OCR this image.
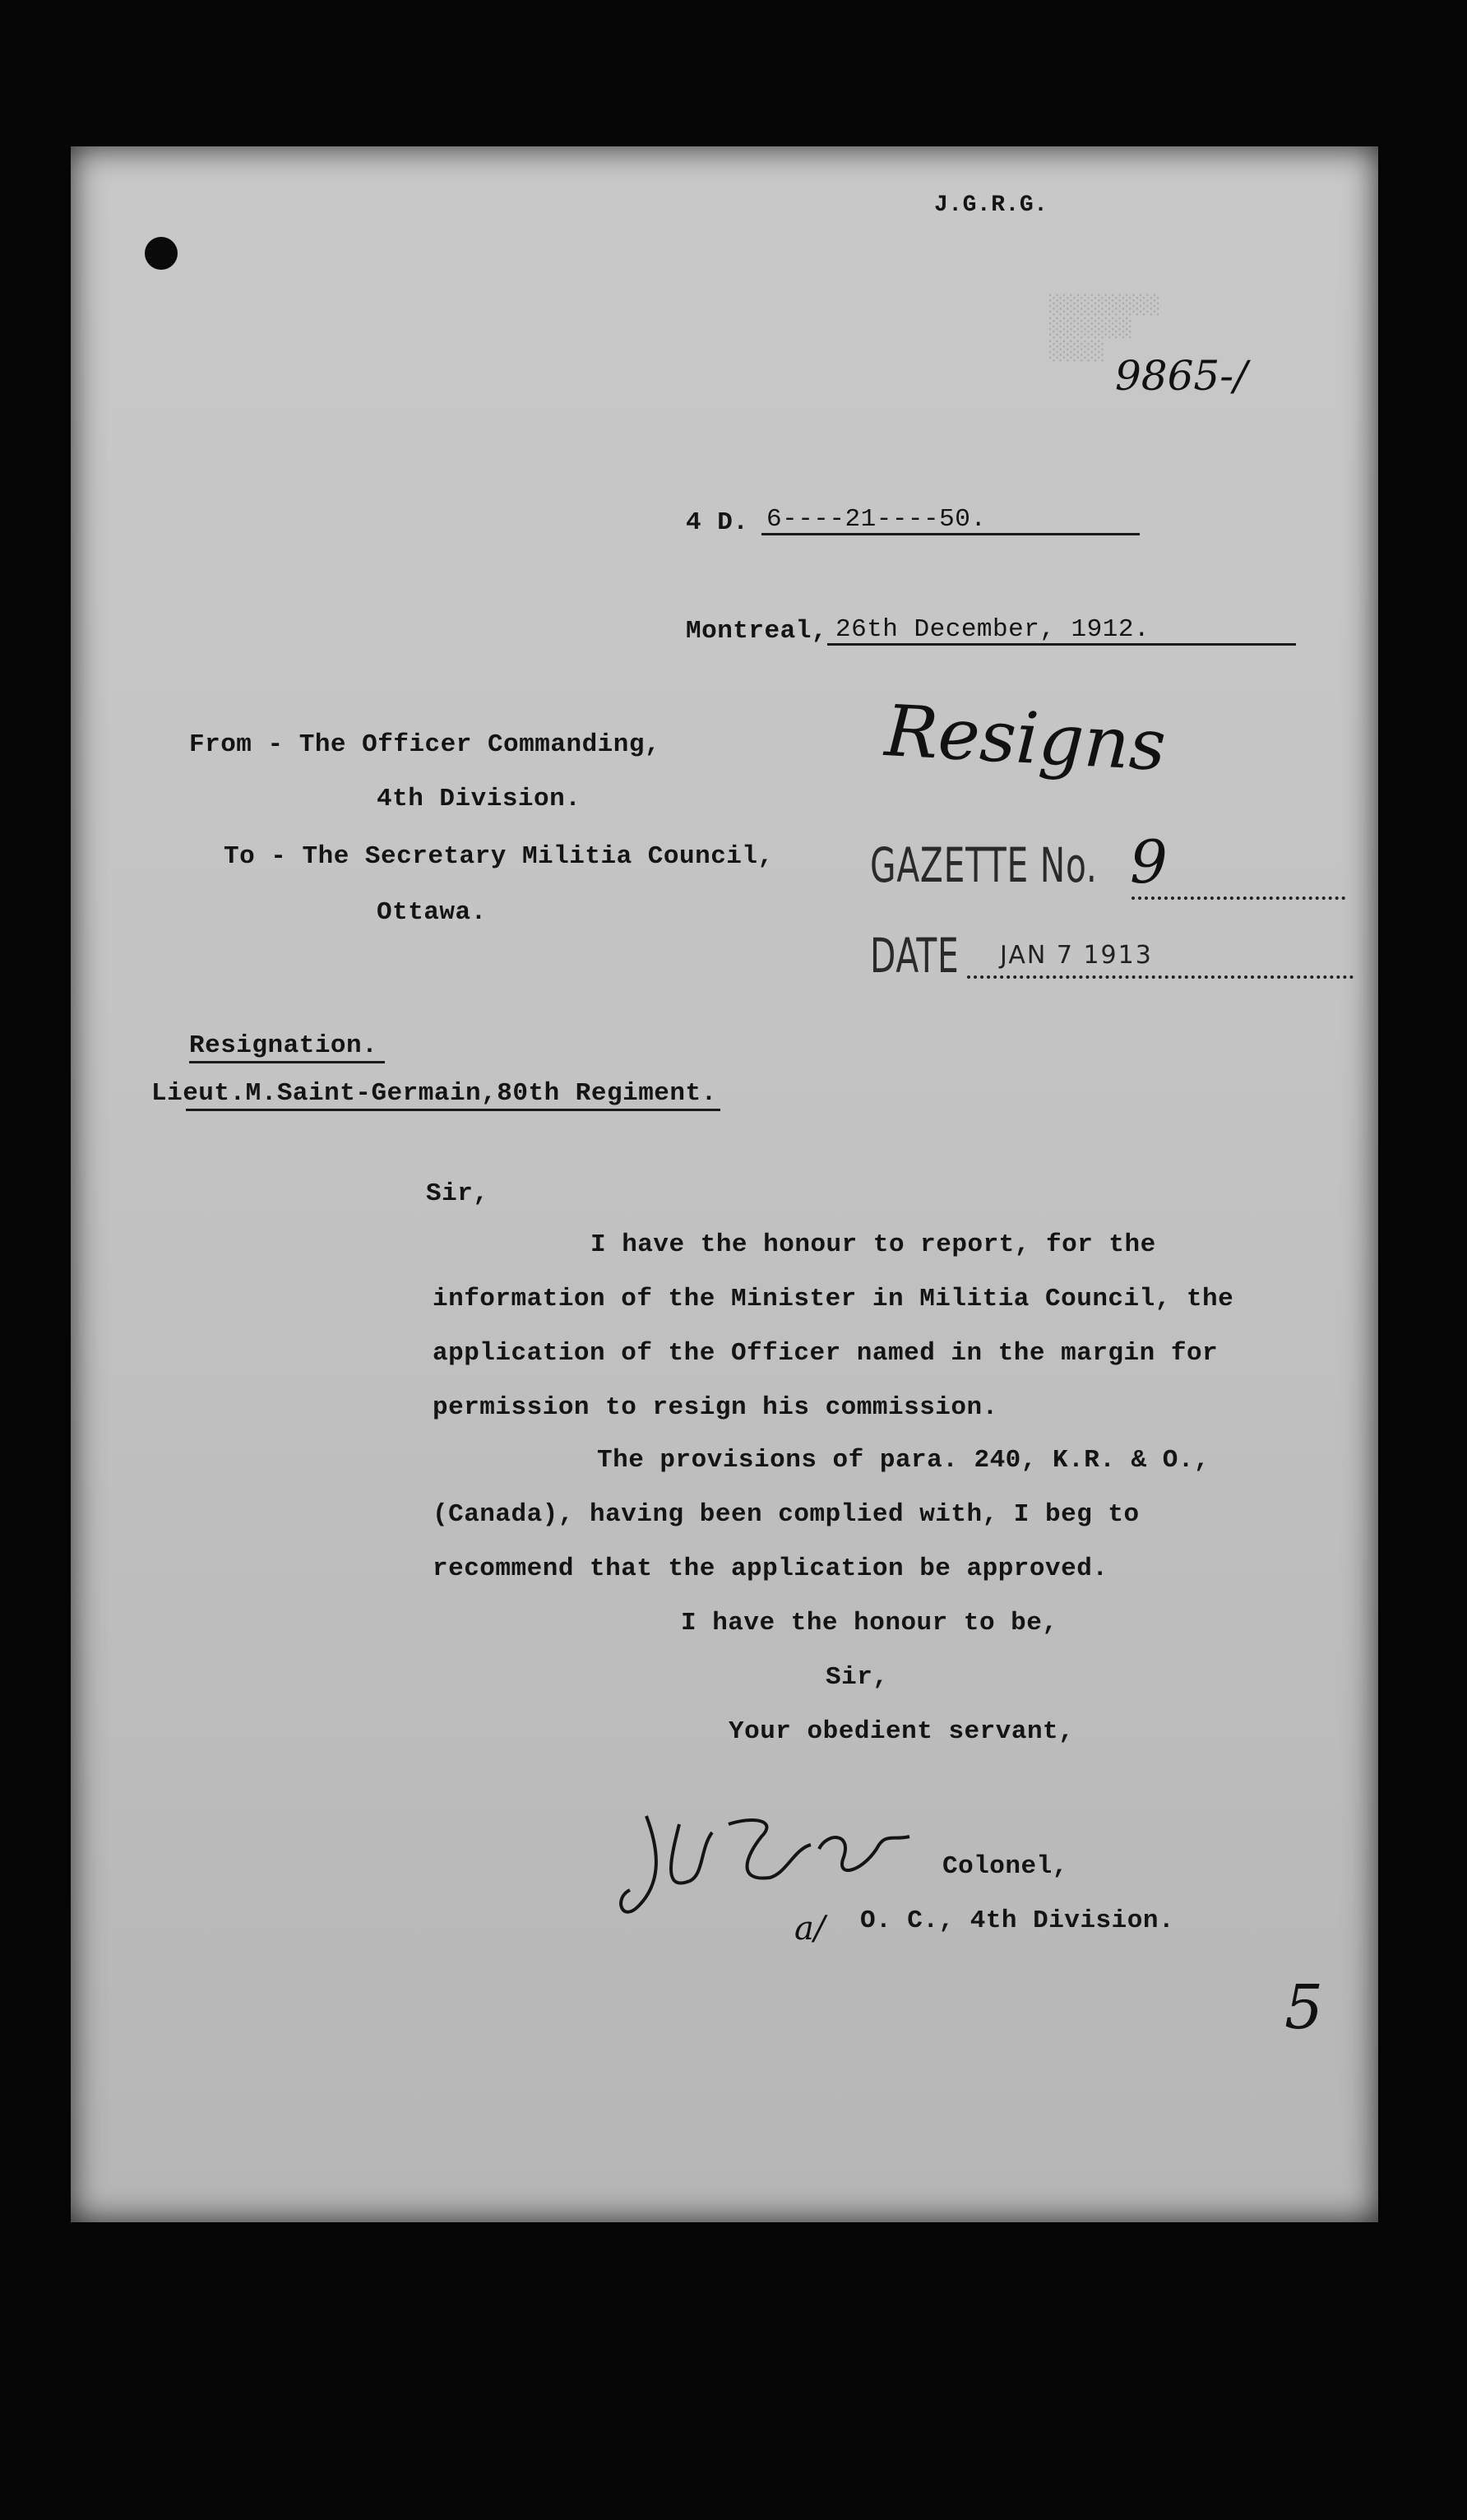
░░░░░░░░
░░░░░░
░░░░
J.G.R.G.
9865-/
4 D. 6----21----50.
Montreal, 26th December, 1912.
Resigns
From - The Officer Commanding,
4th Division.
To - The Secretary Militia Council,
Ottawa.
GAZETTE No. 9
DATE JAN 7 1913
Resignation.
Lieut.M.Saint-Germain,80th Regiment.
Sir,
I have the honour to report, for the
information of the Minister in Militia Council, the
application of the Officer named in the margin for
permission to resign his commission.
The provisions of para. 240, K.R. & O.,
(Canada), having been complied with, I beg to
recommend that the application be approved.
I have the honour to be,
Sir,
Your obedient servant,
Colonel,
a/ O. C., 4th Division.
5
